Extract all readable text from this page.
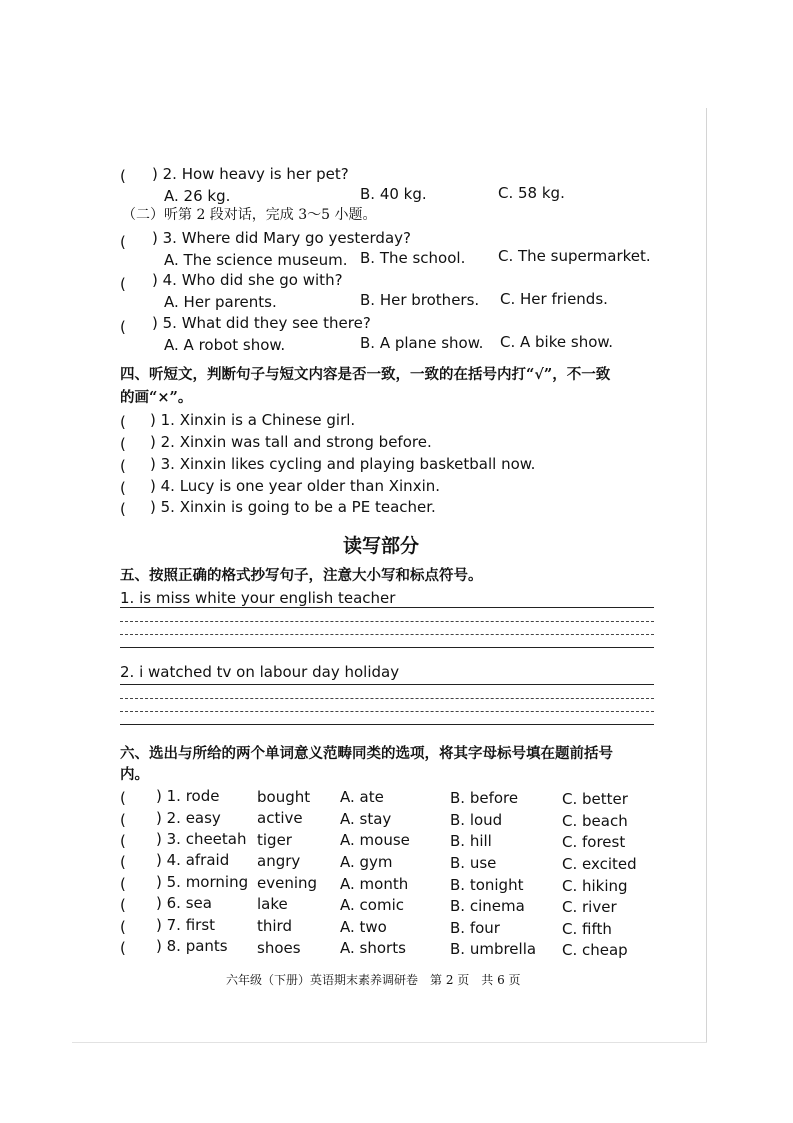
( ) 2. How heavy is her pet?
A. 26 kg.	B. 40 kg.	C. 58 kg.
（二）听第 2 段对话，完成 3～5 小题。
( ) 3. Where did Mary go yesterday?
A. The science museum. B. The school. C. The supermarket.
( ) 4. Who did she go with?
A. Her parents.	B. Her brothers. C. Her friends.
( ) 5. What did they see there?
A. A robot show.	B. A plane show. C. A bike show.
四、听短文，判断句子与短文内容是否一致，一致的在括号内打“√”，不一致
的画“×”。
( ) 1. Xinxin is a Chinese girl.
( ) 2. Xinxin was tall and strong before.
( ) 3. Xinxin likes cycling and playing basketball now.
( ) 4. Lucy is one year older than Xinxin.
( ) 5. Xinxin is going to be a PE teacher.
读写部分
五、按照正确的格式抄写句子，注意大小写和标点符号。
1. is miss white your english teacher
2. i watched tv on labour day holiday
六、选出与所给的两个单词意义范畴同类的选项，将其字母标号填在题前括号
内。
( ) 1. rode	bought A. ate	B. before	C. better
( ) 2. easy active A. stay	B. loud	C. beach
( ) 3. cheetah tiger	A. mouse	B. hill	C. forest
( ) 4. afraid angry	A. gym	B. use	C. excited
( ) 5. morning evening A. month	B. tonight	C. hiking
( ) 6. sea	lake	A. comic	B. cinema C. river
( ) 7. first	third	A. two	B. four	C. fifth
( ) 8. pants shoes	A. shorts	B. umbrella C. cheap
六年级（下册）英语期末素养调研卷　第 2 页　共 6 页
